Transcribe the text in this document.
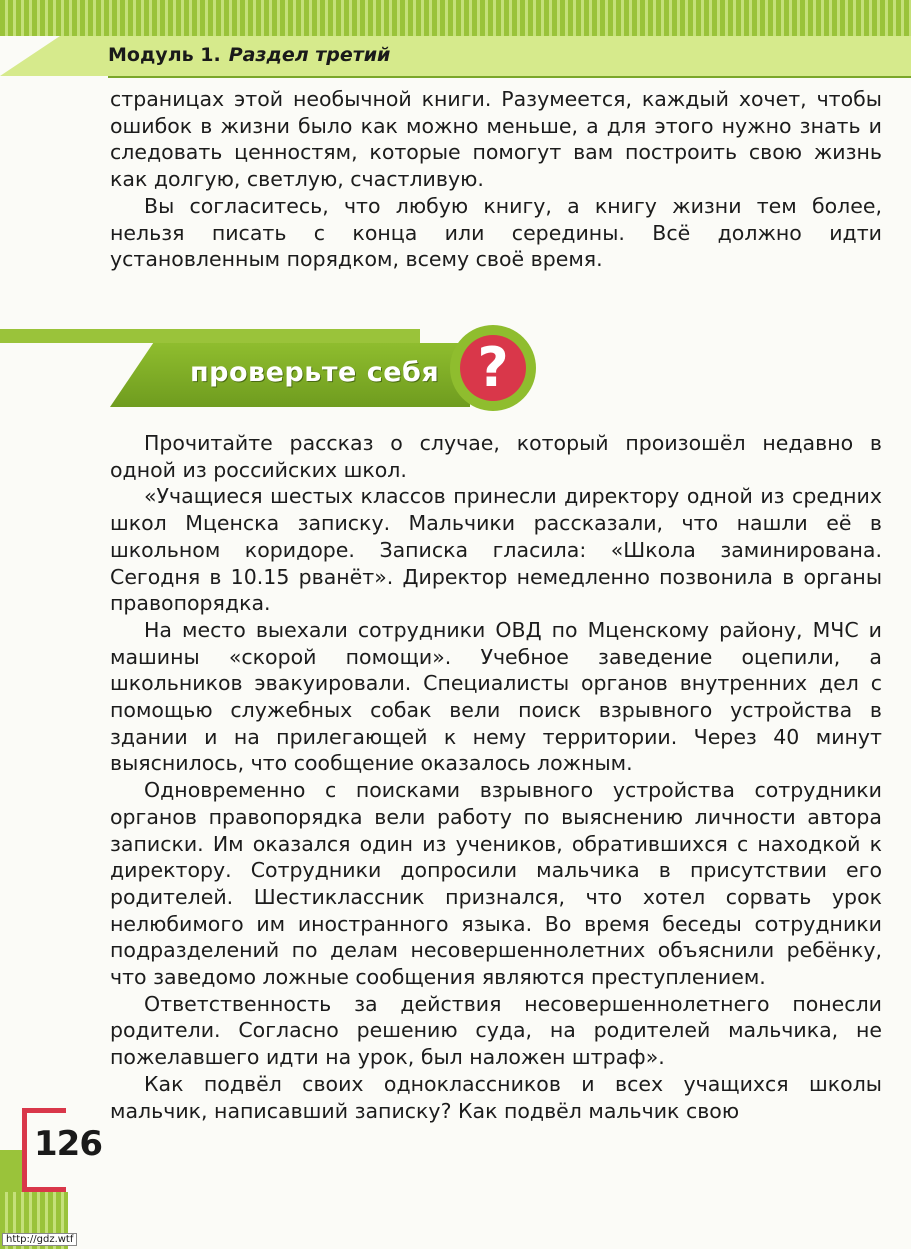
Модуль 1. Раздел третий

страницах этой необычной книги. Разумеется, каждый хочет, чтобы ошибок в жизни было как можно меньше, а для этого нужно знать и следовать ценностям, которые помогут вам построить свою жизнь как долгую, светлую, счастливую.

Вы согласитесь, что любую книгу, а книгу жизни тем более, нельзя писать с конца или середины. Всё должно идти установленным порядком, всему своё время.

проверьте себя ?

Прочитайте рассказ о случае, который произошёл недавно в одной из российских школ.

«Учащиеся шестых классов принесли директору одной из средних школ Мценска записку. Мальчики рассказали, что нашли её в школьном коридоре. Записка гласила: «Школа заминирована. Сегодня в 10.15 рванёт». Директор немедленно позвонила в органы правопорядка.

На место выехали сотрудники ОВД по Мценскому району, МЧС и машины «скорой помощи». Учебное заведение оцепили, а школьников эвакуировали. Специалисты органов внутренних дел с помощью служебных собак вели поиск взрывного устройства в здании и на прилегающей к нему территории. Через 40 минут выяснилось, что сообщение оказалось ложным.

Одновременно с поисками взрывного устройства сотрудники органов правопорядка вели работу по выяснению личности автора записки. Им оказался один из учеников, обратившихся с находкой к директору. Сотрудники допросили мальчика в присутствии его родителей. Шестиклассник признался, что хотел сорвать урок нелюбимого им иностранного языка. Во время беседы сотрудники подразделений по делам несовершеннолетних объяснили ребёнку, что заведомо ложные сообщения являются преступлением.

Ответственность за действия несовершеннолетнего понесли родители. Согласно решению суда, на родителей мальчика, не пожелавшего идти на урок, был наложен штраф».

Как подвёл своих одноклассников и всех учащихся школы мальчик, написавший записку? Как подвёл мальчик свою

126
http://gdz.wtf
